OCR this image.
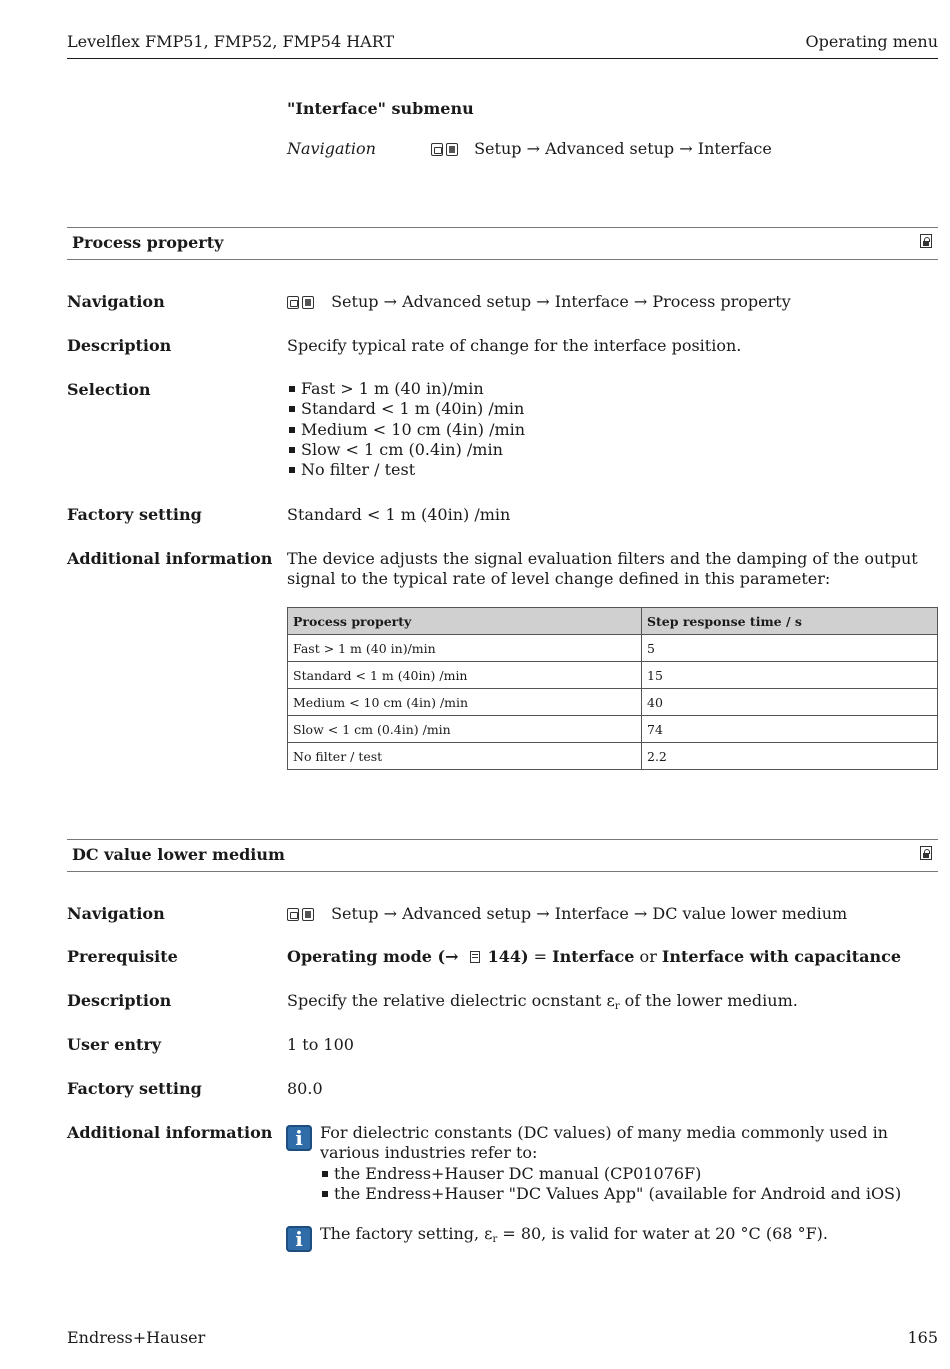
Levelflex FMP51, FMP52, FMP54 HART	Operating menu
"Interface" submenu
Navigation	Setup → Advanced setup → Interface
Process property
Navigation	Setup → Advanced setup → Interface → Process property
Description	Specify typical rate of change for the interface position.
Selection	Fast > 1 m (40 in)/min
Standard < 1 m (40in) /min
Medium < 10 cm (4in) /min
Slow < 1 cm (0.4in) /min
No filter / test
Factory setting	Standard < 1 m (40in) /min
Additional information The device adjusts the signal evaluation filters and the damping of the output signal to the typical rate of level change defined in this parameter:
Process property	Step response time / s
Fast > 1 m (40 in)/min	5
Standard < 1 m (40in) /min	15
Medium < 10 cm (4in) /min	40
Slow < 1 cm (0.4in) /min	74
No filter / test	2.2
DC value lower medium
Navigation	Setup → Advanced setup → Interface → DC value lower medium
Prerequisite	Operating mode (→
144) = Interface or Interface with capacitance
Description	Specify the relative dielectric ocnstant $\varepsilon_r$ of the lower medium.
User entry	1 to 100
Factory setting	80.0
Additional information	i	For dielectric constants (DC values) of many media commonly used in various industries refer to:
the Endress+Hauser DC manual (CP01076F)
the Endress+Hauser "DC Values App" (available for Android and iOS)
i	The factory setting, $\varepsilon_r = 80$, is valid for water at 20 °C (68 °F).
Endress+Hauser	165
